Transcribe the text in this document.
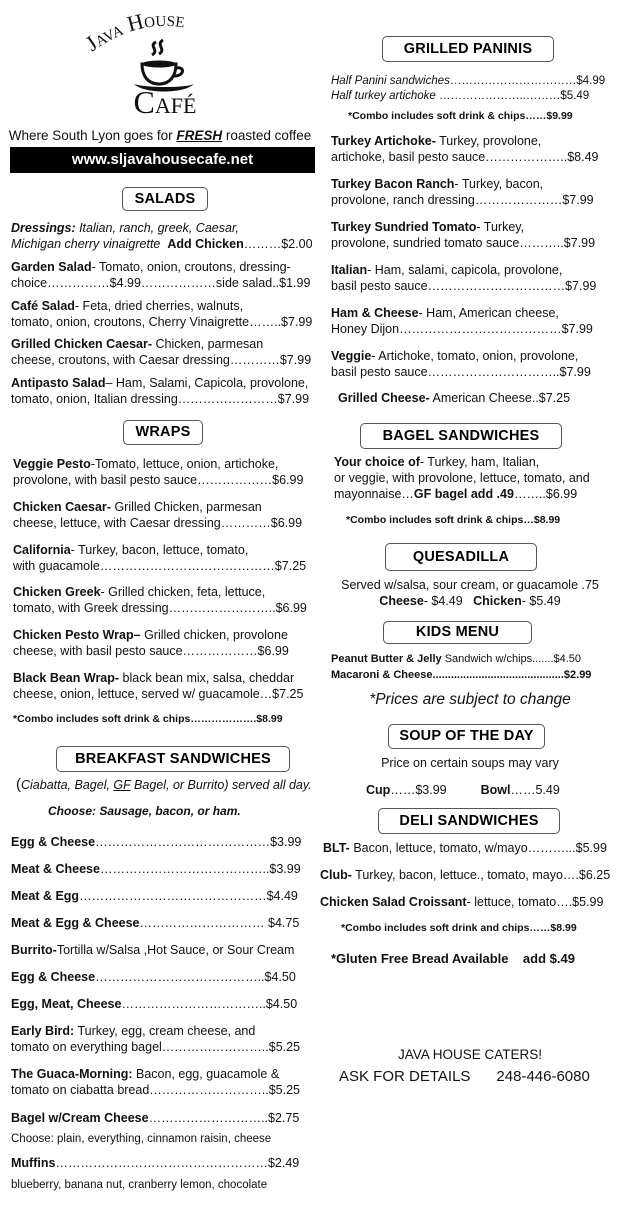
Java House
Café
Where South Lyon goes for FRESH roasted coffee
www.sljavahousecafe.net
SALADS
Dressings: Italian, ranch, greek, Caesar,
Michigan cherry vinaigrette Add Chicken………$2.00
Garden Salad- Tomato, onion, croutons, dressing-
choice……………$4.99………………side salad..$1.99
Café Salad- Feta, dried cherries, walnuts,
tomato, onion, croutons, Cherry Vinaigrette……..$7.99
Grilled Chicken Caesar- Chicken, parmesan
cheese, croutons, with Caesar dressing…………$7.99
Antipasto Salad– Ham, Salami, Capicola, provolone,
tomato, onion, Italian dressing……………………$7.99
WRAPS
Veggie Pesto-Tomato, lettuce, onion, artichoke,
provolone, with basil pesto sauce………………$6.99
Chicken Caesar- Grilled Chicken, parmesan
cheese, lettuce, with Caesar dressing…………$6.99
California- Turkey, bacon, lettuce, tomato,
with guacamole……………………………………$7.25
Chicken Greek- Grilled chicken, feta, lettuce,
tomato, with Greek dressing……………………..$6.99
Chicken Pesto Wrap– Grilled chicken, provolone
cheese, with basil pesto sauce………………$6.99
Black Bean Wrap- black bean mix, salsa, cheddar
cheese, onion, lettuce, served w/ guacamole…$7.25
*Combo includes soft drink & chips……………….$8.99
BREAKFAST SANDWICHES
(Ciabatta, Bagel, GF Bagel, or Burrito) served all day.
Choose: Sausage, bacon, or ham.
Egg & Cheese……………………………………$3.99
Meat & Cheese…………………………………..$3.99
Meat & Egg………………………………………$4.49
Meat & Egg & Cheese………………………… $4.75
Burrito-Tortilla w/Salsa ,Hot Sauce, or Sour Cream
Egg & Cheese…………………………………..$4.50
Egg, Meat, Cheese……………………………..$4.50
Early Bird: Turkey, egg, cream cheese, and
tomato on everything bagel……………………..$5.25
The Guaca-Morning: Bacon, egg, guacamole &
tomato on ciabatta bread………………………..$5.25
Bagel w/Cream Cheese………………………..$2.75
Choose: plain, everything, cinnamon raisin, cheese
Muffins……………………………………………$2.49
blueberry, banana nut, cranberry lemon, chocolate
GRILLED PANINIS
Half Panini sandwiches……………………………$4.99
Half turkey artichoke …………………..………$5.49
*Combo includes soft drink & chips……$9.99
Turkey Artichoke- Turkey, provolone,
artichoke, basil pesto sauce………………..$8.49
Turkey Bacon Ranch- Turkey, bacon,
provolone, ranch dressing…………………$7.99
Turkey Sundried Tomato- Turkey,
provolone, sundried tomato sauce………..$7.99
Italian- Ham, salami, capicola, provolone,
basil pesto sauce……………………………$7.99
Ham & Cheese- Ham, American cheese,
Honey Dijon…………………………………$7.99
Veggie- Artichoke, tomato, onion, provolone,
basil pesto sauce…………………………..$7.99
Grilled Cheese- American Cheese..$7.25
BAGEL SANDWICHES
Your choice of- Turkey, ham, Italian,
or veggie, with provolone, lettuce, tomato, and
mayonnaise…GF bagel add .49……..$6.99
*Combo includes soft drink & chips…$8.99
QUESADILLA
Served w/salsa, sour cream, or guacamole .75
Cheese- $4.49 Chicken- $5.49
KIDS MENU
Peanut Butter & Jelly Sandwich w/chips.......$4.50
Macaroni & Cheese...........................................$2.99
*Prices are subject to change
SOUP OF THE DAY
Price on certain soups may vary
Cup……$3.99	Bowl……5.49
DELI SANDWICHES
BLT- Bacon, lettuce, tomato, w/mayo………...$5.99
Club- Turkey, bacon, lettuce., tomato, mayo….$6.25
Chicken Salad Croissant- lettuce, tomato….$5.99
*Combo includes soft drink and chips……$8.99
*Gluten Free Bread Available    add $.49
JAVA HOUSE CATERS!
ASK FOR DETAILS 248-446-6080
